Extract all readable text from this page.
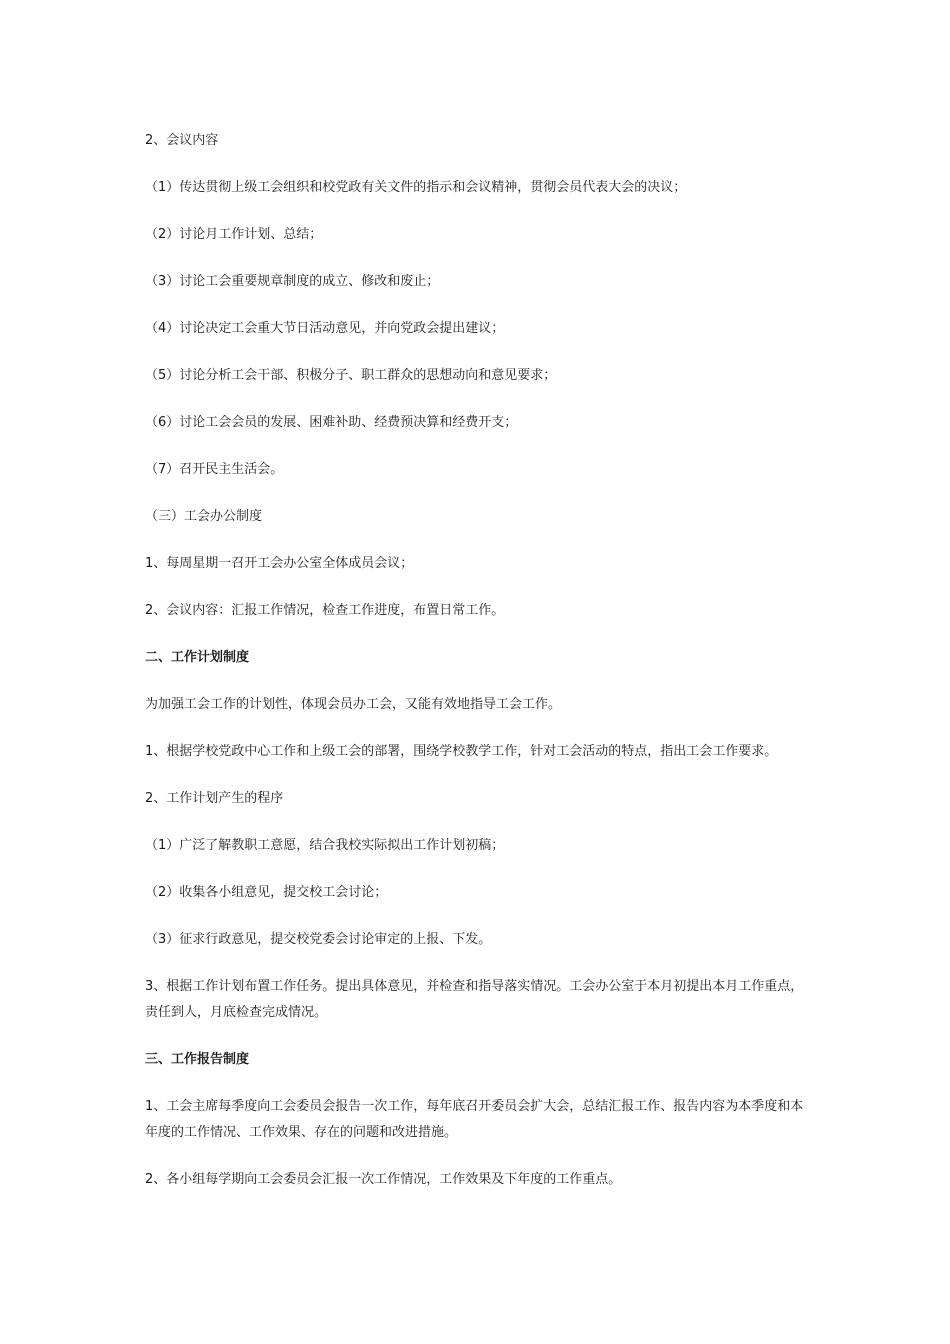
2、会议内容

（1）传达贯彻上级工会组织和校党政有关文件的指示和会议精神，贯彻会员代表大会的决议；

（2）讨论月工作计划、总结；

（3）讨论工会重要规章制度的成立、修改和废止；

（4）讨论决定工会重大节日活动意见，并向党政会提出建议；

（5）讨论分析工会干部、积极分子、职工群众的思想动向和意见要求；

（6）讨论工会会员的发展、困难补助、经费预决算和经费开支；

（7）召开民主生活会。

（三）工会办公制度

1、每周星期一召开工会办公室全体成员会议；

2、会议内容：汇报工作情况，检查工作进度，布置日常工作。

二、工作计划制度

为加强工会工作的计划性，体现会员办工会，又能有效地指导工会工作。

1、根据学校党政中心工作和上级工会的部署，围绕学校教学工作，针对工会活动的特点，指出工会工作要求。

2、工作计划产生的程序

（1）广泛了解教职工意愿，结合我校实际拟出工作计划初稿；

（2）收集各小组意见，提交校工会讨论；

（3）征求行政意见，提交校党委会讨论审定的上报、下发。

3、根据工作计划布置工作任务。提出具体意见，并检查和指导落实情况。工会办公室于本月初提出本月工作重点，责任到人，月底检查完成情况。

三、工作报告制度

1、工会主席每季度向工会委员会报告一次工作，每年底召开委员会扩大会，总结汇报工作、报告内容为本季度和本年度的工作情况、工作效果、存在的问题和改进措施。

2、各小组每学期向工会委员会汇报一次工作情况，工作效果及下年度的工作重点。
